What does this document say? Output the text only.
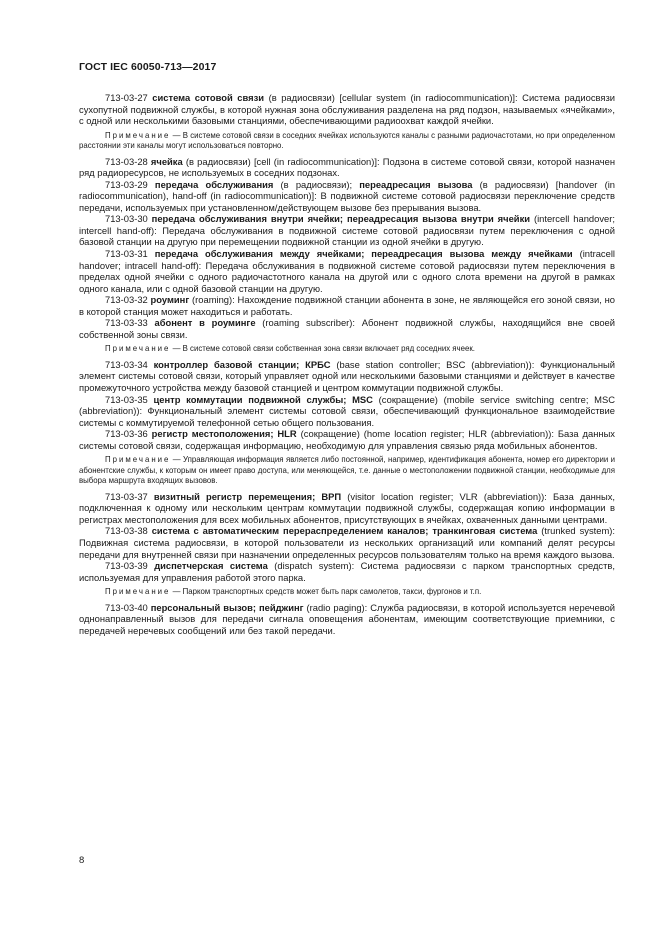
ГОСТ IEC 60050-713—2017

713-03-27 система сотовой связи (в радиосвязи) [cellular system (in radiocommunication)]: Система радиосвязи сухопутной подвижной службы, в которой нужная зона обслуживания разделена на ряд подзон, называемых «ячейками», с одной или несколькими базовыми станциями, обеспечивающими радиоохват каждой ячейки.

Примечание — В системе сотовой связи в соседних ячейках используются каналы с разными радиочастотами, но при определенном расстоянии эти каналы могут использоваться повторно.

713-03-28 ячейка (в радиосвязи) [cell (in radiocommunication)]: Подзона в системе сотовой связи, которой назначен ряд радиоресурсов, не используемых в соседних подзонах.

713-03-29 передача обслуживания (в радиосвязи); переадресация вызова (в радиосвязи) [handover (in radiocommunication), hand-off (in radiocommunication)]: В подвижной системе сотовой радиосвязи переключение средств передачи, используемых при установленном/действующем вызове без прерывания вызова.

713-03-30 передача обслуживания внутри ячейки; переадресация вызова внутри ячейки (intercell handover; intercell hand-off): Передача обслуживания в подвижной системе сотовой радиосвязи путем переключения с одной базовой станции на другую при перемещении подвижной станции из одной ячейки в другую.

713-03-31 передача обслуживания между ячейками; переадресация вызова между ячейками (intracell handover; intracell hand-off): Передача обслуживания в подвижной системе сотовой радиосвязи путем переключения в пределах одной ячейки с одного радиочастотного канала на другой или с одного слота времени на другой в рамках одного канала, или с одной базовой станции на другую.

713-03-32 роуминг (roaming): Нахождение подвижной станции абонента в зоне, не являющейся его зоной связи, но в которой станция может находиться и работать.

713-03-33 абонент в роуминге (roaming subscriber): Абонент подвижной службы, находящийся вне своей собственной зоны связи.

Примечание — В системе сотовой связи собственная зона связи включает ряд соседних ячеек.

713-03-34 контроллер базовой станции; КРБС (base station controller; BSC (abbreviation)): Функциональный элемент системы сотовой связи, который управляет одной или несколькими базовыми станциями и действует в качестве промежуточного устройства между базовой станцией и центром коммутации подвижной службы.

713-03-35 центр коммутации подвижной службы; MSC (сокращение) (mobile service switching centre; MSC (abbreviation)): Функциональный элемент системы сотовой связи, обеспечивающий функциональное взаимодействие системы с коммутируемой телефонной сетью общего пользования.

713-03-36 регистр местоположения; HLR (сокращение) (home location register; HLR (abbreviation)): База данных системы сотовой связи, содержащая информацию, необходимую для управления связью ряда мобильных абонентов.

Примечание — Управляющая информация является либо постоянной, например, идентификация абонента, номер его директории и абонентские службы, к которым он имеет право доступа, или меняющейся, т.е. данные о местоположении подвижной станции, необходимые для выбора маршрута входящих вызовов.

713-03-37 визитный регистр перемещения; ВРП (visitor location register; VLR (abbreviation)): База данных, подключенная к одному или нескольким центрам коммутации подвижной службы, содержащая копию информации в регистрах местоположения для всех мобильных абонентов, присутствующих в ячейках, охваченных данными центрами.

713-03-38 система с автоматическим перераспределением каналов; транкинговая система (trunked system): Подвижная система радиосвязи, в которой пользователи из нескольких организаций или компаний делят ресурсы передачи для внутренней связи при назначении определенных ресурсов пользователям только на время каждого вызова.

713-03-39 диспетчерская система (dispatch system): Система радиосвязи с парком транспортных средств, используемая для управления работой этого парка.

Примечание — Парком транспортных средств может быть парк самолетов, такси, фургонов и т.п.

713-03-40 персональный вызов; пейджинг (radio paging): Служба радиосвязи, в которой используется неречевой однонаправленный вызов для передачи сигнала оповещения абонентам, имеющим соответствующие приемники, с передачей неречевых сообщений или без такой передачи.

8
